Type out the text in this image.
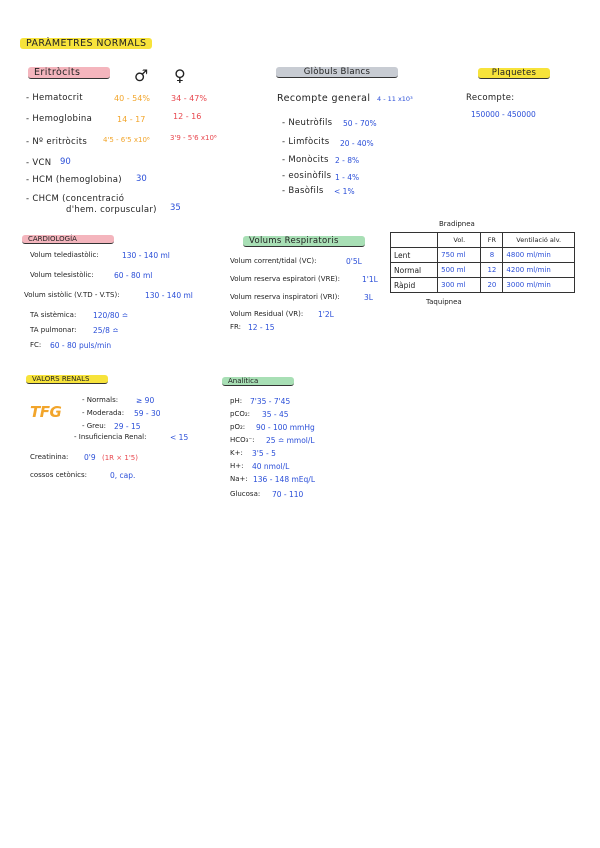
PARÀMETRES NORMALS
Eritròcits	♂ ♀
- Hematocrit	40 - 54%	34 - 47%
- Hemoglobina	14 - 17	12 - 16
- Nº eritròcits 4'5 - 6'5 x10⁶	3'9 - 5'6 x10⁶
- VCN 90
- HCM (hemoglobina) 30
- CHCM (concentració
d'hem. corpuscular) 35
Glòbuls Blancs
Recompte general 4 - 11 x10³
- Neutròfils 50 - 70%
- Limfòcits 20 - 40%
- Monòcits 2 - 8%
- eosinòfils 1 - 4%
- Basòfils < 1%
Plaquetes
Recompte:
150000 - 450000
CARDIOLOGÍA
Volum telediastòlic:	130 - 140 ml
Volum telesistòlic:	60 - 80 ml
Volum sistòlic (V.TD - V.TS):	130 - 140 ml
TA sistèmica: 120/80 ≏
TA pulmonar: 25/8 ≏
FC: 60 - 80 puls/min
Volums Respiratoris
Volum corrent/tidal (VC):	0'5L
Volum reserva espiratori (VRE):	1'1L
Volum reserva inspiratori (VRI):	3L
Volum Residual (VR): 1'2L
FR: 12 - 15
Bradipnea
	Vol.	FR	Ventilació alv.
Lent	750 ml	8	4800 ml/min
Normal	500 ml	12	4200 ml/min
Ràpid	300 ml	20	3000 ml/min
Taquipnea
VALORS RENALS
TFG
- Normals: ≥ 90
- Moderada: 59 - 30
- Greu: 29 - 15
- Insuficiencia Renal:	< 15
Creatinina: 0'9 (1R × 1'5)
cossos cetònics:	0, cap.
Analítica
pH: 7'35 - 7'45
pCO₂: 35 - 45
pO₂: 90 - 100 mmHg
HCO₃⁻: 25 ≏ mmol/L
K+: 3'5 - 5
H+: 40 nmol/L
Na+: 136 - 148 mEq/L
Glucosa: 70 - 110
